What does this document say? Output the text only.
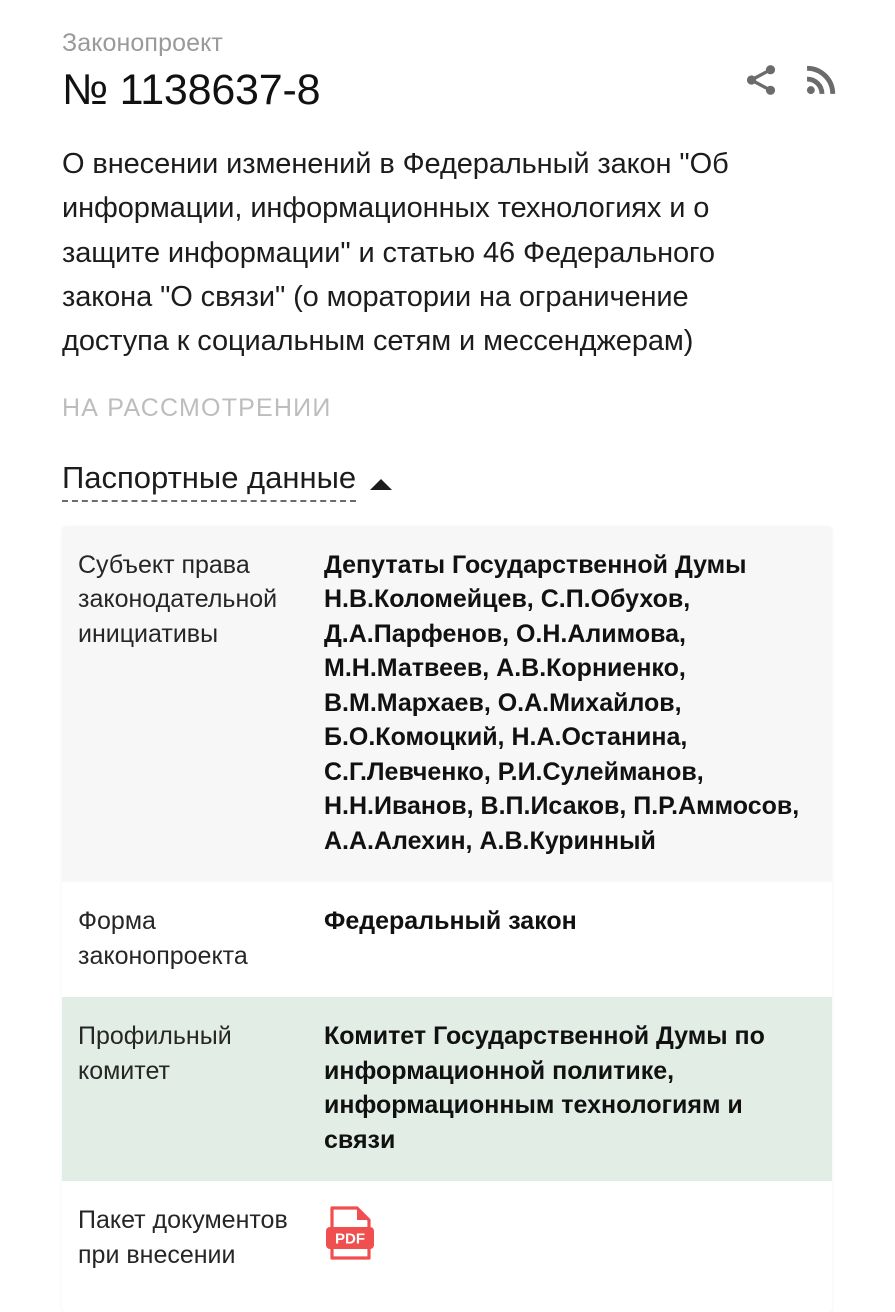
Законопроект
№ 1138637-8
О внесении изменений в Федеральный закон "Об информации, информационных технологиях и о защите информации" и статью 46 Федерального закона "О связи" (о моратории на ограничение доступа к социальным сетям и мессенджерам)
НА РАССМОТРЕНИИ
Паспортные данные
Субъект права законодательной инициативы
Депутаты Государственной Думы
Н.В.Коломейцев, С.П.Обухов,
Д.А.Парфенов, О.Н.Алимова,
М.Н.Матвеев, А.В.Корниенко,
В.М.Мархаев, О.А.Михайлов,
Б.О.Комоцкий, Н.А.Останина,
С.Г.Левченко, Р.И.Сулейманов,
Н.Н.Иванов, В.П.Исаков, П.Р.Аммосов,
А.А.Алехин, А.В.Куринный
Форма законопроекта
Федеральный закон
Профильный комитет
Комитет Государственной Думы по
информационной политике,
информационным технологиям и
связи
Пакет документов при внесении
PDF
